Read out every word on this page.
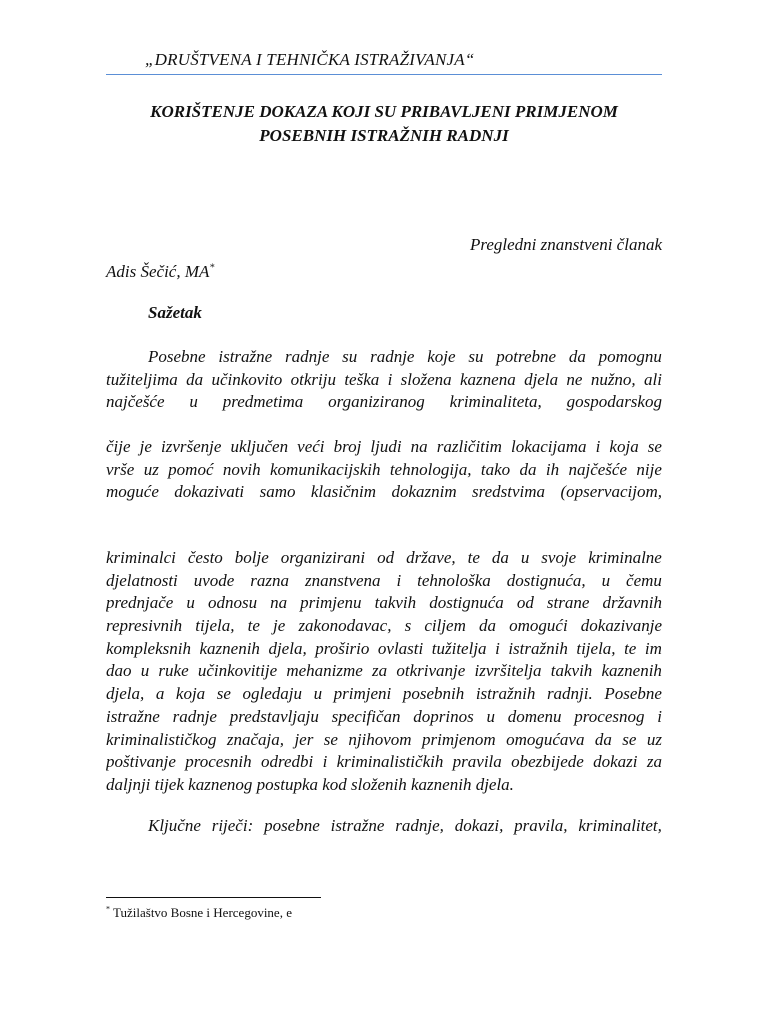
„DRUŠTVENA I TEHNIČKA ISTRAŽIVANJA“
KORIŠTENJE DOKAZA KOJI SU PRIBAVLJENI PRIMJENOM
POSEBNIH ISTRAŽNIH RADNJI
Pregledni znanstveni članak
Adis Šečić, MA*
Sažetak
Posebne istražne radnje su radnje koje su potrebne da pomognu
tužiteljima da učinkovito otkriju teška i složena kaznena djela ne nužno, ali
najčešće u predmetima organiziranog kriminaliteta, gospodarskog
čije je izvršenje uključen veći broj ljudi na različitim lokacijama i koja se
vrše uz pomoć novih komunikacijskih tehnologija, tako da ih najčešće nije
moguće dokazivati samo klasičnim dokaznim sredstvima (opservacijom,
kriminalci često bolje organizirani od države, te da u svoje kriminalne
djelatnosti uvode razna znanstvena i tehnološka dostignuća, u čemu
prednjače u odnosu na primjenu takvih dostignuća od strane državnih
represivnih tijela, te je zakonodavac, s ciljem da omogući dokazivanje
kompleksnih kaznenih djela, proširio ovlasti tužitelja i istražnih tijela, te im
dao u ruke učinkovitije mehanizme za otkrivanje izvršitelja takvih kaznenih
djela, a koja se ogledaju u primjeni posebnih istražnih radnji. Posebne
istražne radnje predstavljaju specifičan doprinos u domenu procesnog i
kriminalističkog značaja, jer se njihovom primjenom omogućava da se uz
poštivanje procesnih odredbi i kriminalističkih pravila obezbijede dokazi za
daljnji tijek kaznenog postupka kod složenih kaznenih djela.
Ključne riječi: posebne istražne radnje, dokazi, pravila, kriminalitet,
* Tužilaštvo Bosne i Hercegovine, e
